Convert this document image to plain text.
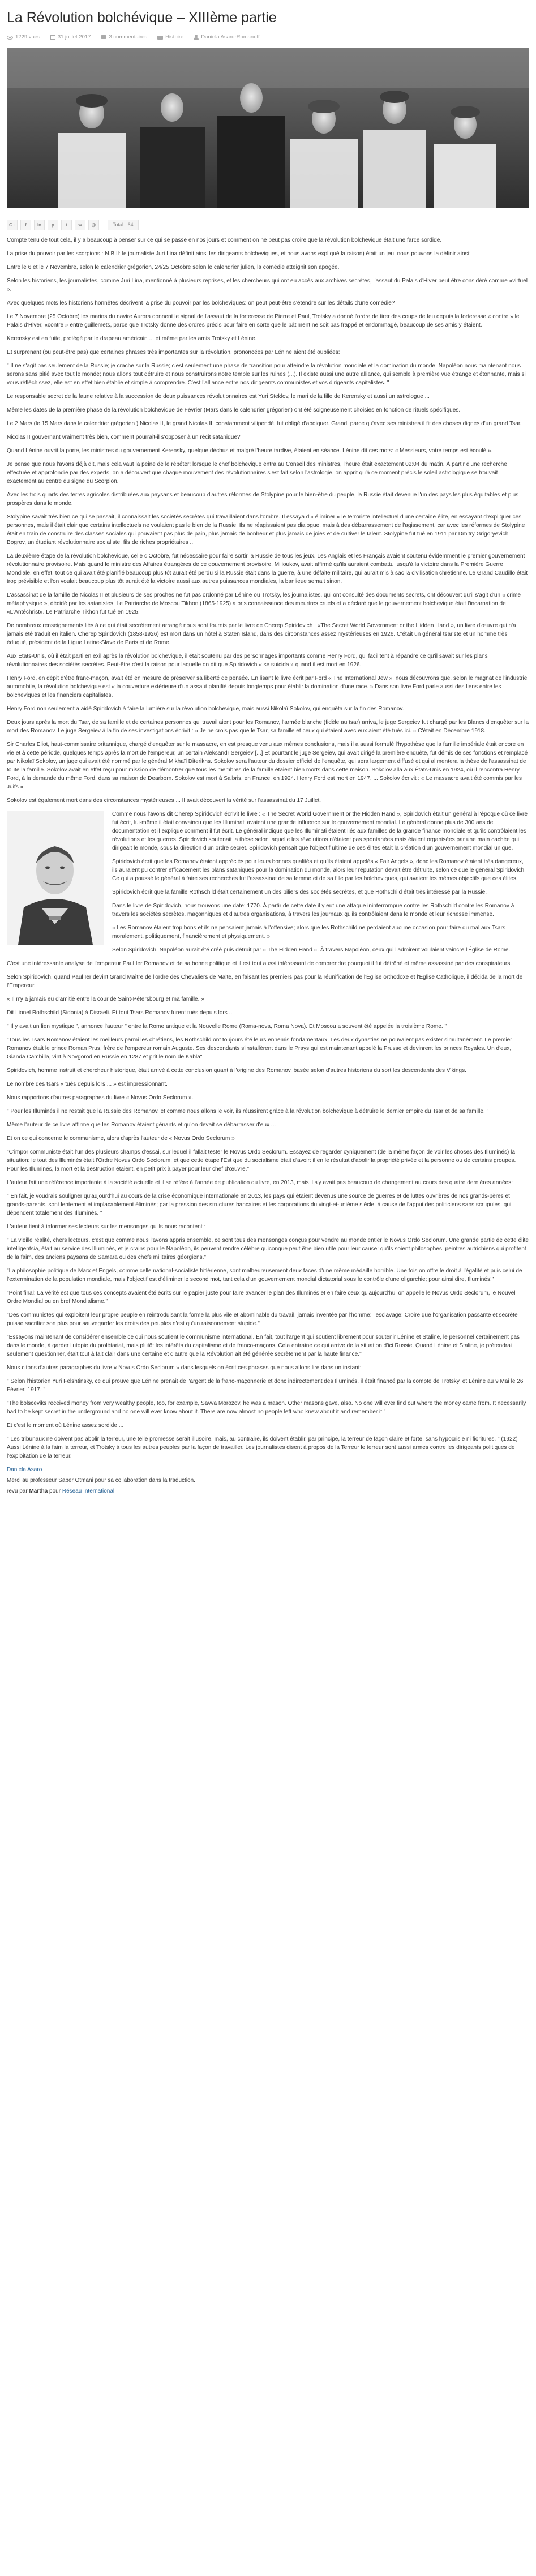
La Révolution bolchévique – XIIIème partie
1229 vues	31 juillet 2017	3 commentaires	Histoire	Daniela Asaro-Romanoff
G+	f	in	p	t	w	@	Total : 64

Compte tenu de tout cela, il y a beaucoup à penser sur ce qui se passe en nos jours et comment on ne peut pas croire que la révolution bolchevique était une farce sordide.

La prise du pouvoir par les scorpions : N.B.Il: le journaliste Juri Lina définit ainsi les dirigeants bolcheviques, et nous avons expliqué la raison) était un jeu, nous pouvons la définir ainsi:

Entre le 6 et le 7 Novembre, selon le calendrier grégorien, 24/25 Octobre selon le calendrier julien, la comédie atteignit son apogée.

Selon les historiens, les journalistes, comme Juri Lina, mentionné à plusieurs reprises, et les chercheurs qui ont eu accès aux archives secrètes, l'assaut du Palais d'Hiver peut être considéré comme «virtuel ».

Avec quelques mots les historiens honnêtes décrivent la prise du pouvoir par les bolcheviques: on peut peut-être s'étendre sur les détails d'une comédie?

Le 7 Novembre (25 Octobre) les marins du navire Aurora donnent le signal de l'assaut de la forteresse de Pierre et Paul, Trotsky a donné l'ordre de tirer des coups de feu depuis la forteresse « contre » le Palais d'Hiver, «contre » entre guillemets, parce que Trotsky donne des ordres précis pour faire en sorte que le bâtiment ne soit pas frappé et endommagé, beaucoup de ses amis y étaient.

Kerensky est en fuite, protégé par le drapeau américain ... et même par les amis Trotsky et Lénine.

Et surprenant (ou peut-être pas) que certaines phrases très importantes sur la révolution, prononcées par Lénine aient été oubliées:

" Il ne s'agit pas seulement de la Russie; je crache sur la Russie; c'est seulement une phase de transition pour atteindre la révolution mondiale et la domination du monde. Napoléon nous maintenant nous serons sans pitié avec tout le monde; nous allons tout détruire et nous construirons notre temple sur les ruines (...). Il existe aussi une autre alliance, qui semble à première vue étrange et étonnante, mais si vous réfléchissez, elle est en effet bien établie et simple à comprendre. C'est l'alliance entre nos dirigeants communistes et vos dirigeants capitalistes. "

Le responsable secret de la faune relative à la succession de deux puissances révolutionnaires est Yuri Steklov, le mari de la fille de Kerensky et aussi un astrologue ...

Même les dates de la première phase de la révolution bolchevique de Février (Mars dans le calendrier grégorien) ont été soigneusement choisies en fonction de rituels spécifiques.

Le 2 Mars (le 15 Mars dans le calendrier grégorien ) Nicolas II, le grand Nicolas II, constamment vilipendé, fut obligé d'abdiquer. Grand, parce qu'avec ses ministres il fit des choses dignes d'un grand Tsar.

Nicolas II gouvernant vraiment très bien, comment pourrait-il s'opposer à un récit satanique?

Quand Lénine ouvrit la porte, les ministres du gouvernement Kerensky, quelque déchus et malgré l'heure tardive, étaient en séance. Lénine dit ces mots: « Messieurs, votre temps est écoulé ».

Je pense que nous l'avons déjà dit, mais cela vaut la peine de le répéter; lorsque le chef bolchevique entra au Conseil des ministres, l'heure était exactement 02:04 du matin. À partir d'une recherche effectuée et approfondie par des experts, on a découvert que chaque mouvement des révolutionnaires s'est fait selon l'astrologie, on apprit qu'à ce moment précis le soleil astrologique se trouvait exactement au centre du signe du Scorpion.

Avec les trois quarts des terres agricoles distribuées aux paysans et beaucoup d'autres réformes de Stolypine pour le bien-être du peuple, la Russie était devenue l'un des pays les plus équitables et plus prospères dans le monde.

Stolypine savait très bien ce qui se passait, il connaissait les sociétés secrètes qui travaillaient dans l'ombre. Il essaya d'« éliminer » le terroriste intellectuel d'une certaine élite, en essayant d'expliquer ces personnes, mais il était clair que certains intellectuels ne voulaient pas le bien de la Russie. Ils ne réagissaient pas dialogue, mais à des débarrassement de l'agissement, car avec les réformes de Stolypine était en train de construire des classes sociales qui pouvaient pas plus de pain, plus jamais de bonheur et plus jamais de joies et de cultiver le talent. Stolypine fut tué en 1911 par Dmitry Grigoryevich Bogrov, un étudiant révolutionnaire socialiste, fils de riches propriétaires ...

La deuxième étape de la révolution bolchevique, celle d'Octobre, fut nécessaire pour faire sortir la Russie de tous les jeux. Les Anglais et les Français avaient soutenu évidemment le premier gouvernement révolutionnaire provisoire. Mais quand le ministre des Affaires étrangères de ce gouvernement provisoire, Milioukov, avait affirmé qu'ils auraient combattu jusqu'à la victoire dans la Première Guerre Mondiale, en effet, tout ce qui avait été planifié beaucoup plus tôt aurait été perdu si la Russie était dans la guerre, à une défaite militaire, qui aurait mis à sac la civilisation chrétienne. Le Grand Caudillo était trop prévisible et l'on voulait beaucoup plus tôt aurait été la victoire aussi aux autres puissances mondiales, la banlieue semait sinon.

L'assassinat de la famille de Nicolas II et plusieurs de ses proches ne fut pas ordonné par Lénine ou Trotsky, les journalistes, qui ont consulté des documents secrets, ont découvert qu'il s'agit d'un « crime métaphysique », décidé par les satanistes. Le Patriarche de Moscou Tikhon (1865-1925) a pris connaissance des meurtres cruels et a déclaré que le gouvernement bolchevique était l'incarnation de «L'Antéchrist». Le Patriarche Tikhon fut tué en 1925.

De nombreux renseignements liés à ce qui était secrètement arrangé nous sont fournis par le livre de Cherep Spiridovich : «The Secret World Government or the Hidden Hand », un livre d'œuvre qui n'a jamais été traduit en italien. Cherep Spiridovich (1858-1926) est mort dans un hôtel à Staten Island, dans des circonstances assez mystérieuses en 1926. C'était un général tsariste et un homme très éduqué, président de la Ligue Latine-Slave de Paris et de Rome.

Aux États-Unis, où il était parti en exil après la révolution bolchevique, il était soutenu par des personnages importants comme Henry Ford, qui facilitent à répandre ce qu'il savait sur les plans révolutionnaires des sociétés secrètes. Peut-être c'est la raison pour laquelle on dit que Spiridovich « se suicida » quand il est mort en 1926.

Henry Ford, en dépit d'être franc-maçon, avait été en mesure de préserver sa liberté de pensée. En lisant le livre écrit par Ford « The International Jew », nous découvrons que, selon le magnat de l'industrie automobile, la révolution bolchevique est « la couverture extérieure d'un assaut planifié depuis longtemps pour établir la domination d'une race. » Dans son livre Ford parle aussi des liens entre les bolcheviques et les financiers capitalistes.

Henry Ford non seulement a aidé Spiridovich à faire la lumière sur la révolution bolchevique, mais aussi Nikolaï Sokolov, qui enquêta sur la fin des Romanov.

Deux jours après la mort du Tsar, de sa famille et de certaines personnes qui travaillaient pour les Romanov, l'armée blanche (fidèle au tsar) arriva, le juge Sergeiev fut chargé par les Blancs d'enquêter sur la mort des Romanov. Le juge Sergeiev à la fin de ses investigations écrivit : « Je ne crois pas que le Tsar, sa famille et ceux qui étaient avec eux aient été tués ici. » C'était en Décembre 1918.

Sir Charles Eliot, haut-commissaire britannique, chargé d'enquêter sur le massacre, en est presque venu aux mêmes conclusions, mais il a aussi formulé l'hypothèse que la famille impériale était encore en vie et à cette période, quelques temps après la mort de l'empereur, un certain Aleksandr Sergeiev [...] Et pourtant le juge Sergeiev, qui avait dirigé la première enquête, fut démis de ses fonctions et remplacé par Nikolaï Sokolov, un juge qui avait été nommé par le général Mikhaïl Diterikhs. Sokolov sera l'auteur du dossier officiel de l'enquête, qui sera largement diffusé et qui alimentera la thèse de l'assassinat de toute la famille. Sokolov avait en effet reçu pour mission de démontrer que tous les membres de la famille étaient bien morts dans cette maison. Sokolov alla aux États-Unis en 1924, où il rencontra Henry Ford, à la demande du même Ford, dans sa maison de Dearborn. Sokolov est mort à Salbris, en France, en 1924. Henry Ford est mort en 1947. ... Sokolov écrivit : « Le massacre avait été commis par les Juifs ».

Sokolov est également mort dans des circonstances mystérieuses ... Il avait découvert la vérité sur l'assassinat du 17 Juillet.

Comme nous l'avons dit Cherep Spiridovich écrivit le livre : « The Secret World Government or the Hidden Hand », Spiridovich était un général à l'époque où ce livre fut écrit, lui-même il était convaincu que les Illuminati avaient une grande influence sur le gouvernement mondial. Le général donne plus de 300 ans de documentation et il explique comment il fut écrit. Le général indique que les Illuminati étaient liés aux familles de la grande finance mondiale et qu'ils contrôlaient les révolutions et les guerres. Spiridovich soutenait la thèse selon laquelle les révolutions n'étaient pas spontanées mais étaient organisées par une main cachée qui dirigeait le monde, sous la direction d'un ordre secret. Spiridovich pensait que l'objectif ultime de ces élites était la création d'un gouvernement mondial unique.

Spiridovich écrit que les Romanov étaient appréciés pour leurs bonnes qualités et qu'ils étaient appelés « Fair Angels », donc les Romanov étaient très dangereux, ils auraient pu contrer efficacement les plans sataniques pour la domination du monde, alors leur réputation devait être détruite, selon ce que le général Spiridovich. Ce qui a poussé le général à faire ses recherches fut l'assassinat de sa femme et de sa fille par les bolcheviques, qui avaient les mêmes objectifs que ces élites.

Spiridovich écrit que la famille Rothschild était certainement un des piliers des sociétés secrètes, et que Rothschild était très intéressé par la Russie.

Dans le livre de Spiridovich, nous trouvons une date: 1770. À partir de cette date il y eut une attaque ininterrompue contre les Rothschild contre les Romanov à travers les sociétés secrètes, maçonniques et d'autres organisations, à travers les journaux qu'ils contrôlaient dans le monde et leur richesse immense.

« Les Romanov étaient trop bons et ils ne pensaient jamais à l'offensive; alors que les Rothschild ne perdaient aucune occasion pour faire du mal aux Tsars moralement, politiquement, financièrement et physiquement. »

Selon Spiridovich, Napoléon aurait été créé puis détruit par « The Hidden Hand ». À travers Napoléon, ceux qui l'admirent voulaient vaincre l'Église de Rome.

C'est une intéressante analyse de l'empereur Paul Ier Romanov et de sa bonne politique et il est tout aussi intéressant de comprendre pourquoi il fut détrôné et même assassiné par des conspirateurs.

Selon Spiridovich, quand Paul Ier devint Grand Maître de l'ordre des Chevaliers de Malte, en faisant les premiers pas pour la réunification de l'Église orthodoxe et l'Église Catholique, il décida de la mort de l'Empereur.

« Il n'y a jamais eu d'amitié entre la cour de Saint-Pétersbourg et ma famille. »

Dit Lionel Rothschild (Sidonia) à Disraeli. Et tout Tsars Romanov furent tués depuis lors ...

" Il y avait un lien mystique ", annonce l'auteur " entre la Rome antique et la Nouvelle Rome (Roma-nova, Roma Nova). Et Moscou a souvent été appelée la troisième Rome. "

"Tous les Tsars Romanov étaient les meilleurs parmi les chrétiens, les Rothschild ont toujours été leurs ennemis fondamentaux. Les deux dynasties ne pouvaient pas exister simultanément. Le premier Romanov était le prince Roman Prus, frère de l'empereur romain Auguste. Ses descendants s'installèrent dans le Prays qui est maintenant appelé la Prusse et devinrent les princes Royales. Un d'eux, Gianda Cambilla, vint à Novgorod en Russie en 1287 et prit le nom de Kabla"

Spiridovich, homme instruit et chercheur historique, était arrivé à cette conclusion quant à l'origine des Romanov, basée selon d'autres historiens du sort les descendants des Vikings.

Le nombre des tsars « tués depuis lors ... » est impressionnant.

Nous rapportons d'autres paragraphes du livre « Novus Ordo Seclorum ».

" Pour les Illuminés il ne restait que la Russie des Romanov, et comme nous allons le voir, ils réussirent grâce à la révolution bolchevique à détruire le dernier empire du Tsar et de sa famille. "

Même l'auteur de ce livre affirme que les Romanov étaient gênants et qu'on devait se débarrasser d'eux ...

Et on ce qui concerne le communisme, alors d'après l'auteur de « Novus Ordo Seclorum »

"C'impor communiste était l'un des plusieurs champs d'essai, sur lequel il fallait tester le Novus Ordo Seclorum. Essayez de regarder cyniquement (de la même façon de voir les choses des Illuminés) la situation: le tout des Illuminés était l'Ordre Novus Ordo Seclorum, et que cette étape l'Est que du socialisme était d'avoir: il en le résultat d'abolir la propriété privée et la personne ou de certains groupes. Pour les Illuminés, la mort et la destruction étaient, en petit prix à payer pour leur chef d'œuvre."

L'auteur fait une référence importante à la société actuelle et il se réfère à l'année de publication du livre, en 2013, mais il s'y avait pas beaucoup de changement au cours des quatre dernières années:

" En fait, je voudrais souligner qu'aujourd'hui au cours de la crise économique internationale en 2013, les pays qui étaient devenus une source de guerres et de luttes ouvrières de nos grands-pères et grands-parents, sont lentement et implacablement éliminés; par la pression des structures bancaires et les corporations du vingt-et-unième siècle, à cause de l'appui des politiciens sans scrupules, qui dépendent totalement des Illuminés. "

L'auteur tient à informer ses lecteurs sur les mensonges qu'ils nous racontent :

" La vieille réalité, chers lecteurs, c'est que comme nous l'avons appris ensemble, ce sont tous des mensonges conçus pour vendre au monde entier le Novus Ordo Seclorum. Une grande partie de cette élite intelligentsia, était au service des Illuminés, et je crains pour le Napoléon, ils peuvent rendre célèbre quiconque peut être bien utile pour leur cause: qu'ils soient philosophes, peintres autrichiens qui profitent de la faim, des anciens paysans de Samara ou des chefs militaires géorgiens."

"La philosophie politique de Marx et Engels, comme celle national-socialiste hitlérienne, sont malheureusement deux faces d'une même médaille horrible. Une fois on offre le droit à l'égalité et puis celui de l'extermination de la population mondiale, mais l'objectif est d'éliminer le second mot, tant cela d'un gouvernement mondial dictatorial sous le contrôle d'une oligarchie; pour ainsi dire, Illuminés!"

"Point final: La vérité est que tous ces concepts avaient été écrits sur le papier juste pour faire avancer le plan des Illuminés et en faire ceux qu'aujourd'hui on appelle le Novus Ordo Seclorum, le Nouvel Ordre Mondial ou en bref Mondialisme."

"Des communistes qui exploitent leur propre peuple en réintroduisant la forme la plus vile et abominable du travail, jamais inventée par l'homme: l'esclavage! Croire que l'organisation passante et secrète puisse sacrifier son plus pour sauvegarder les droits des peuples n'est qu'un raisonnement stupide."

"Essayons maintenant de considérer ensemble ce qui nous soutient le communisme international. En fait, tout l'argent qui soutient librement pour soutenir Lénine et Staline, le personnel certainement pas dans le monde, à garder l'utopie du prolétariat, mais plutôt les intérêts du capitalisme et de franco-maçons. Cela entraîne ce qui arrive de la situation d'ici Russie. Quand Lénine et Staline, je prétendrai seulement questionner, était tout à fait clair dans une certaine et d'autre que la Révolution ait été générée secrètement par la haute finance."

Nous citons d'autres paragraphes du livre « Novus Ordo Seclorum » dans lesquels on écrit ces phrases que nous allons lire dans un instant:

" Selon l'historien Yuri Felshtinsky, ce qui prouve que Lénine prenait de l'argent de la franc-maçonnerie et donc indirectement des Illuminés, il était financé par la compte de Trotsky, et Lénine au 9 Mai le 26 Février, 1917. "

"The bolsceviks received money from very wealthy people, too, for example, Savva Morozov, he was a mason. Other masons gave, also. No one will ever find out where the money came from. It necessarily had to be kept secret in the underground and no one will ever know about it. There are now almost no people left who knew about it and remember it."

Et c'est le moment où Lénine assez sordide ...

" Les tribunaux ne doivent pas abolir la terreur, une telle promesse serait illusoire, mais, au contraire, ils doivent établir, par principe, la terreur de façon claire et forte, sans hypocrisie ni fioritures. " (1922) Aussi Lénine à la faim la terreur, et Trotsky à tous les autres peuples par la façon de travailler. Les journalistes disent à propos de la Terreur le terreur sont aussi armes contre les dirigeants politiques de l'exploitation de la terreur.

Daniela Asaro
Merci au professeur Saber Otmani pour sa collaboration dans la traduction.
revu par Martha pour Réseau International
